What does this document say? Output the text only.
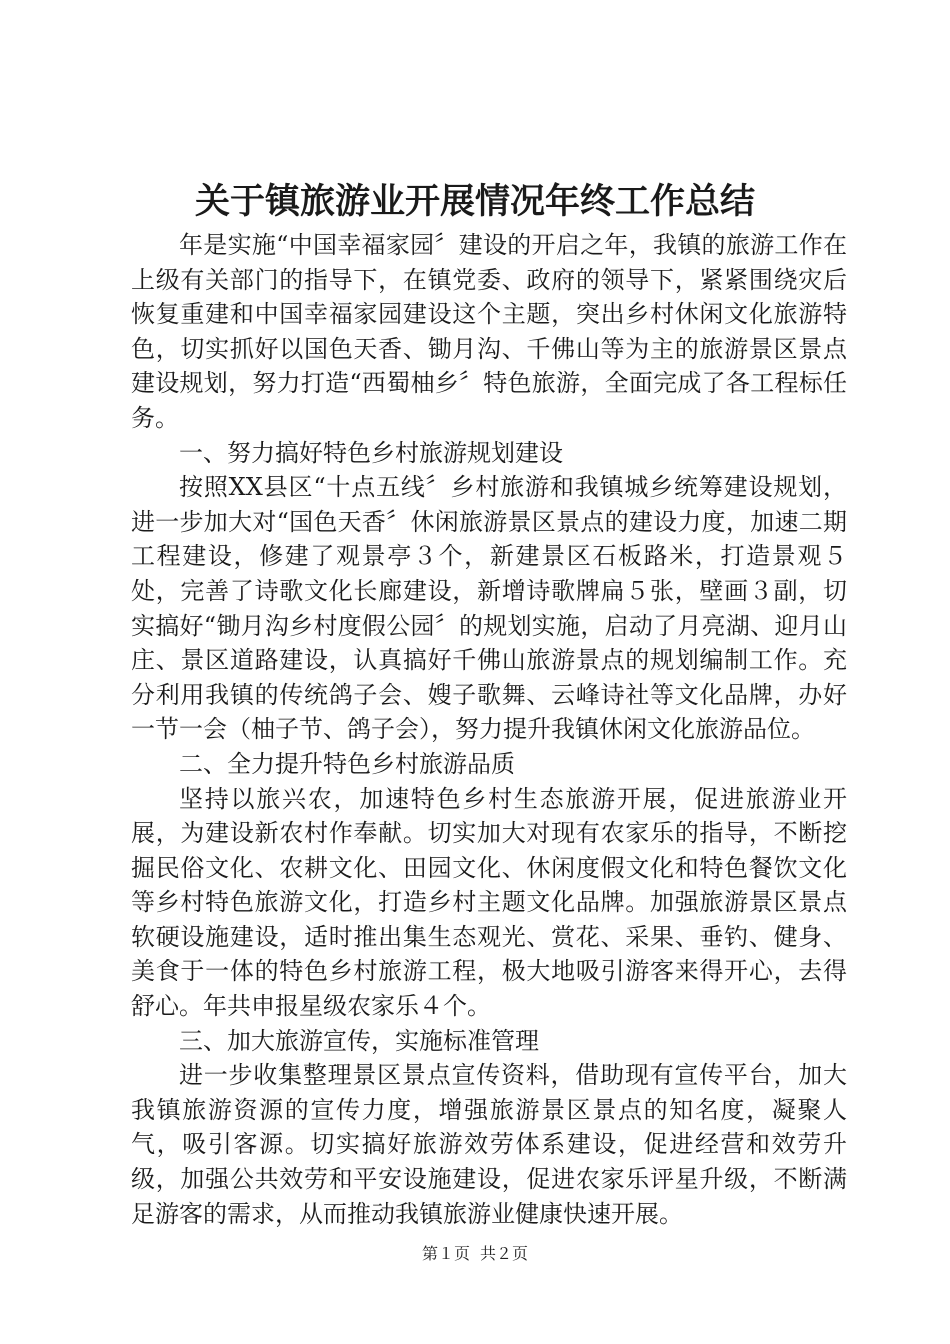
关于镇旅游业开展情况年终工作总结

年是实施“中国幸福家园〞建设的开启之年，我镇的旅游工作在上级有关部门的指导下，在镇党委、政府的领导下，紧紧围绕灾后恢复重建和中国幸福家园建设这个主题，突出乡村休闲文化旅游特色，切实抓好以国色天香、锄月沟、千佛山等为主的旅游景区景点建设规划，努力打造“西蜀柚乡〞特色旅游，全面完成了各工程标任务。

一、努力搞好特色乡村旅游规划建设

按照XX县区“十点五线〞乡村旅游和我镇城乡统筹建设规划，进一步加大对“国色天香〞休闲旅游景区景点的建设力度，加速二期工程建设，修建了观景亭３个，新建景区石板路米，打造景观５处，完善了诗歌文化长廊建设，新增诗歌牌扁５张，壁画３副，切实搞好“锄月沟乡村度假公园〞的规划实施，启动了月亮湖、迎月山庄、景区道路建设，认真搞好千佛山旅游景点的规划编制工作。充分利用我镇的传统鸽子会、嫂子歌舞、云峰诗社等文化品牌，办好一节一会（柚子节、鸽子会），努力提升我镇休闲文化旅游品位。

二、全力提升特色乡村旅游品质

坚持以旅兴农，加速特色乡村生态旅游开展，促进旅游业开展，为建设新农村作奉献。切实加大对现有农家乐的指导，不断挖掘民俗文化、农耕文化、田园文化、休闲度假文化和特色餐饮文化等乡村特色旅游文化，打造乡村主题文化品牌。加强旅游景区景点软硬设施建设，适时推出集生态观光、赏花、采果、垂钓、健身、美食于一体的特色乡村旅游工程，极大地吸引游客来得开心，去得舒心。年共申报星级农家乐４个。

三、加大旅游宣传，实施标准管理

进一步收集整理景区景点宣传资料，借助现有宣传平台，加大我镇旅游资源的宣传力度，增强旅游景区景点的知名度，凝聚人气，吸引客源。切实搞好旅游效劳体系建设，促进经营和效劳升级，加强公共效劳和平安设施建设，促进农家乐评星升级，不断满足游客的需求，从而推动我镇旅游业健康快速开展。

第１页 共２页
